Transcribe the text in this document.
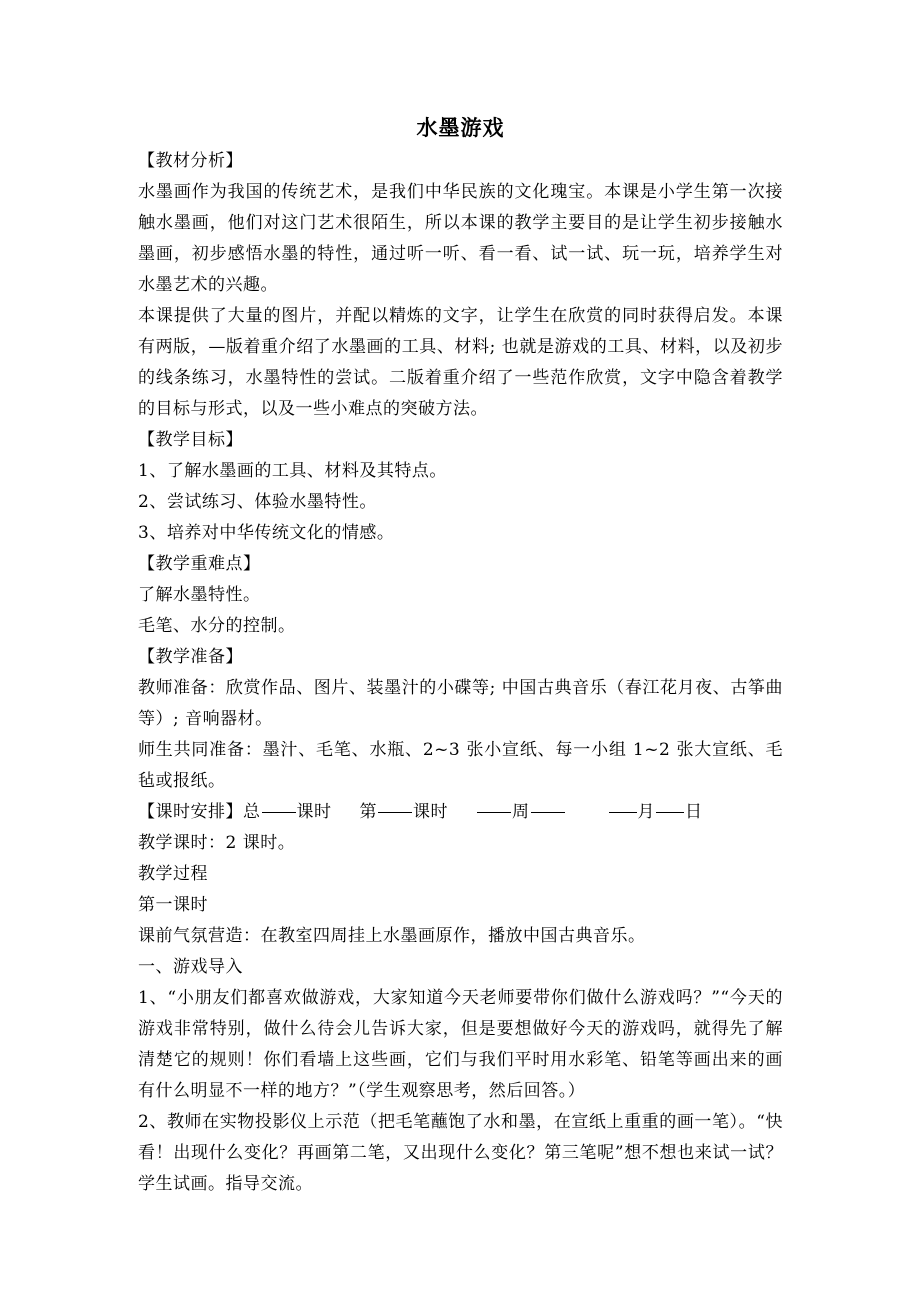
水墨游戏

【教材分析】

水墨画作为我国的传统艺术，是我们中华民族的文化瑰宝。本课是小学生第一次接触水墨画，他们对这门艺术很陌生，所以本课的教学主要目的是让学生初步接触水墨画，初步感悟水墨的特性，通过听一听、看一看、试一试、玩一玩，培养学生对水墨艺术的兴趣。

本课提供了大量的图片，并配以精炼的文字，让学生在欣赏的同时获得启发。本课有两版，—版着重介绍了水墨画的工具、材料; 也就是游戏的工具、材料，以及初步的线条练习，水墨特性的尝试。二版着重介绍了一些范作欣赏，文字中隐含着教学的目标与形式，以及一些小难点的突破方法。

【教学目标】

1、了解水墨画的工具、材料及其特点。

2、尝试练习、体验水墨特性。

3、培养对中华传统文化的情感。

【教学重难点】

了解水墨特性。

毛笔、水分的控制。

【教学准备】

教师准备：欣赏作品、图片、装墨汁的小碟等; 中国古典音乐（春江花月夜、古筝曲等）; 音响器材。

师生共同准备：墨汁、毛笔、水瓶、2~3 张小宣纸、每一小组 1~2 张大宣纸、毛毡或报纸。

【课时安排】总 课时 第 课时	周	月 日

教学课时：2 课时。

教学过程

第一课时

课前气氛营造：在教室四周挂上水墨画原作，播放中国古典音乐。

一、游戏导入

1、“小朋友们都喜欢做游戏，大家知道今天老师要带你们做什么游戏吗？”“今天的游戏非常特别，做什么待会儿告诉大家，但是要想做好今天的游戏吗，就得先了解清楚它的规则！你们看墙上这些画，它们与我们平时用水彩笔、铅笔等画出来的画有什么明显不一样的地方？”（学生观察思考，然后回答。）

2、教师在实物投影仪上示范（把毛笔蘸饱了水和墨，在宣纸上重重的画一笔）。“快看！出现什么变化？再画第二笔，又出现什么变化？第三笔呢”想不想也来试一试？学生试画。指导交流。
